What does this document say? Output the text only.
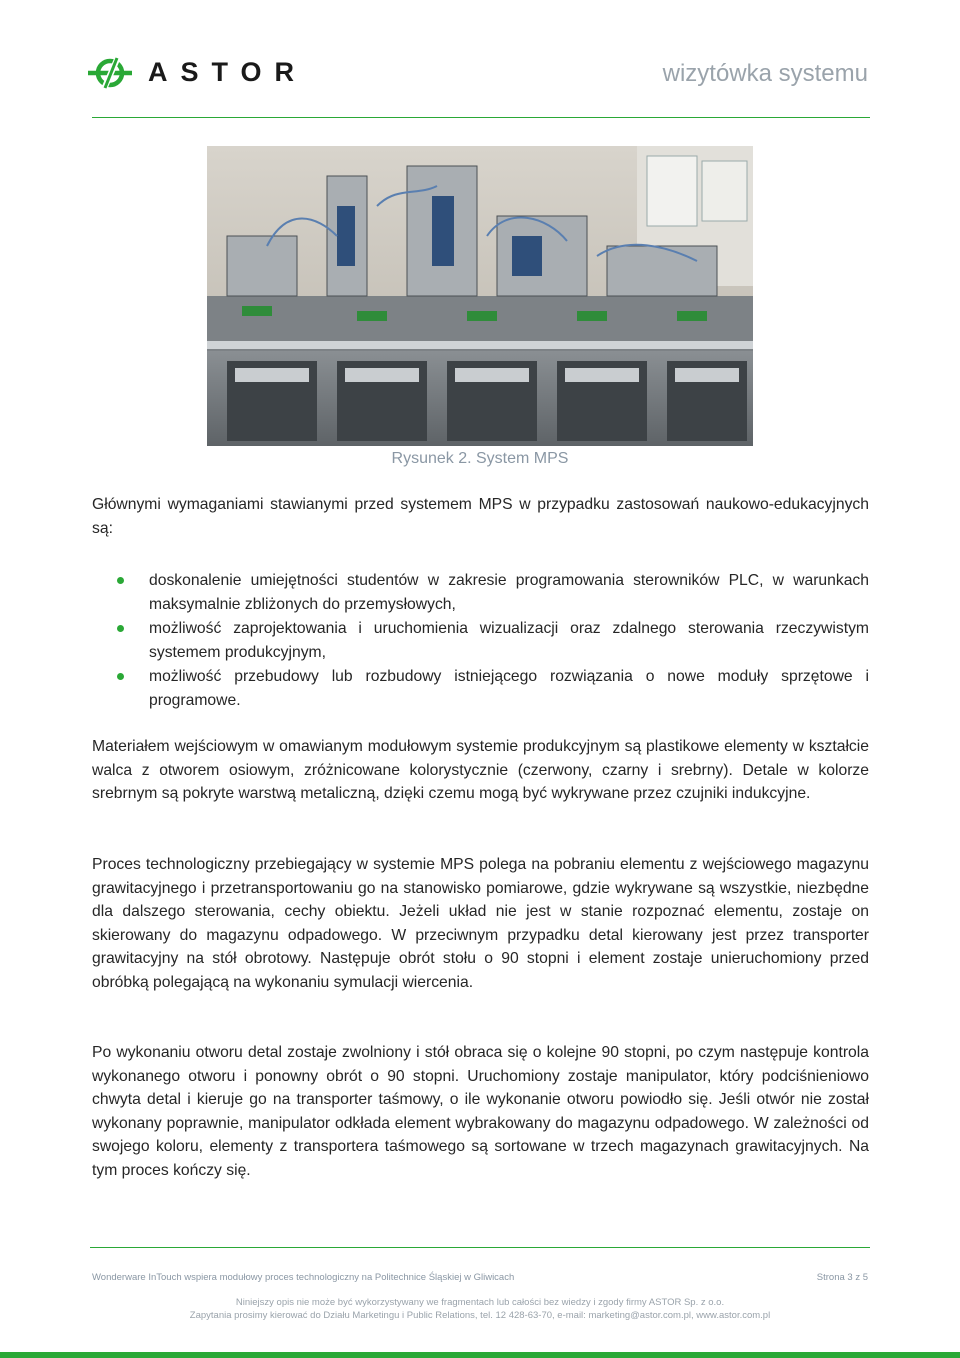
ASTOR	wizytówka systemu
Rysunek 2. System MPS
Głównymi wymaganiami stawianymi przed systemem MPS w przypadku zastosowań naukowo-edukacyjnych są:
doskonalenie umiejętności studentów w zakresie programowania sterowników PLC, w warunkach maksymalnie zbliżonych do przemysłowych,
możliwość zaprojektowania i uruchomienia wizualizacji oraz zdalnego sterowania rzeczywistym systemem produkcyjnym,
możliwość przebudowy lub rozbudowy istniejącego rozwiązania o nowe moduły sprzętowe i programowe.
Materiałem wejściowym w omawianym modułowym systemie produkcyjnym są plastikowe elementy w kształcie walca z otworem osiowym, zróżnicowane kolorystycznie (czerwony, czarny i srebrny). Detale w kolorze srebrnym są pokryte warstwą metaliczną, dzięki czemu mogą być wykrywane przez czujniki indukcyjne.
Proces technologiczny przebiegający w systemie MPS polega na pobraniu elementu z wejściowego magazynu grawitacyjnego i przetransportowaniu go na stanowisko pomiarowe, gdzie wykrywane są wszystkie, niezbędne dla dalszego sterowania, cechy obiektu. Jeżeli układ nie jest w stanie rozpoznać elementu, zostaje on skierowany do magazynu odpadowego. W przeciwnym przypadku detal kierowany jest przez transporter grawitacyjny na stół obrotowy. Następuje obrót stołu o 90 stopni i element zostaje unieruchomiony przed obróbką polegającą na wykonaniu symulacji wiercenia.
Po wykonaniu otworu detal zostaje zwolniony i stół obraca się o kolejne 90 stopni, po czym następuje kontrola wykonanego otworu i ponowny obrót o 90 stopni. Uruchomiony zostaje manipulator, który podciśnieniowo chwyta detal i kieruje go na transporter taśmowy, o ile wykonanie otworu powiodło się. Jeśli otwór nie został wykonany poprawnie, manipulator odkłada element wybrakowany do magazynu odpadowego. W zależności od swojego koloru, elementy z transportera taśmowego są sortowane w trzech magazynach grawitacyjnych. Na tym proces kończy się.
Wonderware InTouch wspiera modułowy proces technologiczny na Politechnice Śląskiej w Gliwicach	Strona 3 z 5
Niniejszy opis nie może być wykorzystywany we fragmentach lub całości bez wiedzy i zgody firmy ASTOR Sp. z o.o.
Zapytania prosimy kierować do Działu Marketingu i Public Relations, tel. 12 428-63-70, e-mail: marketing@astor.com.pl, www.astor.com.pl
